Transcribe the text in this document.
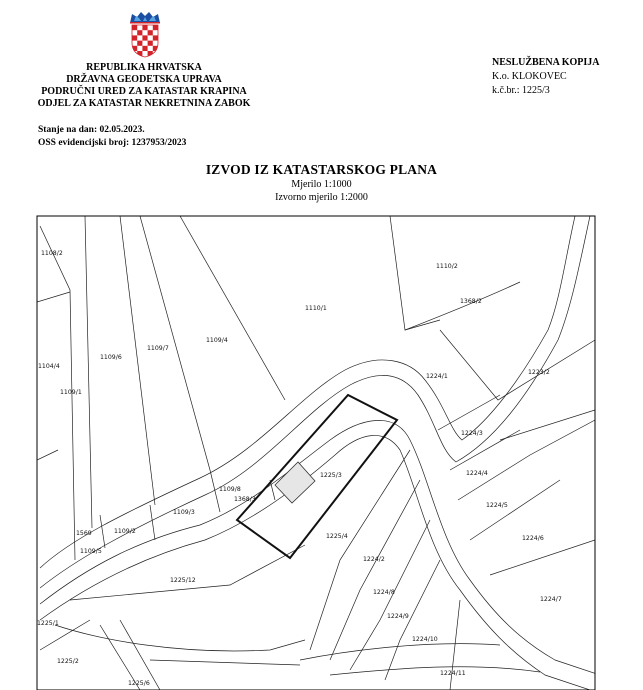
REPUBLIKA HRVATSKA
DRŽAVNA GEODETSKA UPRAVA
PODRUČNI URED ZA KATASTAR KRAPINA
ODJEL ZA KATASTAR NEKRETNINA ZABOK
NESLUŽBENA KOPIJA
K.o. KLOKOVEC
k.č.br.: 1225/3
Stanje na dan: 02.05.2023.
OSS evidencijski broj: 1237953/2023
IZVOD IZ KATASTARSKOG PLANA
Mjerilo 1:1000
Izvorno mjerilo 1:2000
1108/2
1104/4
1109/1
1109/6
1109/7
1109/4
1110/1
1110/2
1368/2
1224/1
1223/2
1224/3
1224/4
1224/5
1224/6
1224/7
1225/3
1225/4
1224/2
1224/8
1224/9
1224/10
1224/11
1109/8
1368/3
1109/3
1109/2
1569
1109/5
1225/12
1225/1
1225/2
1225/6
